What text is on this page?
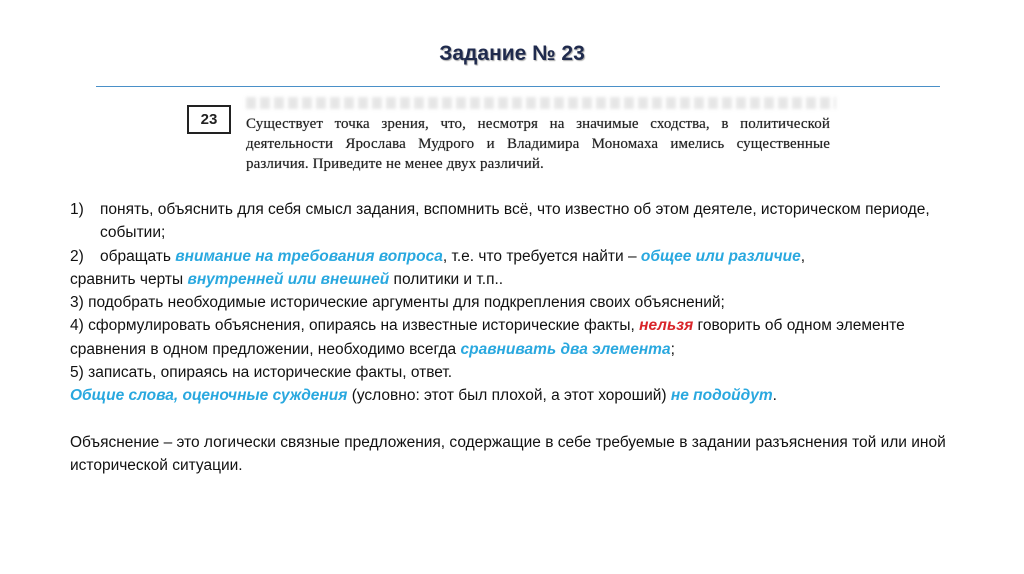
Задание № 23
23	Существует точка зрения, что, несмотря на значимые сходства, в политической деятельности Ярослава Мудрого и Владимира Мономаха имелись существенные различия. Приведите не менее двух различий.
1)	понять, объяснить для себя смысл задания, вспомнить всё, что известно об этом деятеле, историческом периоде, событии;
2)	обращать внимание на требования вопроса, т.е. что требуется найти – общее или различие,

сравнить черты внутренней или внешней политики и т.п..

3) подобрать необходимые исторические аргументы для подкрепления своих объяснений;

4) сформулировать объяснения, опираясь на известные исторические факты, нельзя говорить об одном элементе сравнения в одном предложении, необходимо всегда сравнивать два элемента;

5) записать, опираясь на исторические факты, ответ.

Общие слова, оценочные суждения (условно: этот был плохой, а этот хороший) не подойдут.

Объяснение – это логически связные предложения, содержащие в себе требуемые в задании разъяснения той или иной исторической ситуации.
